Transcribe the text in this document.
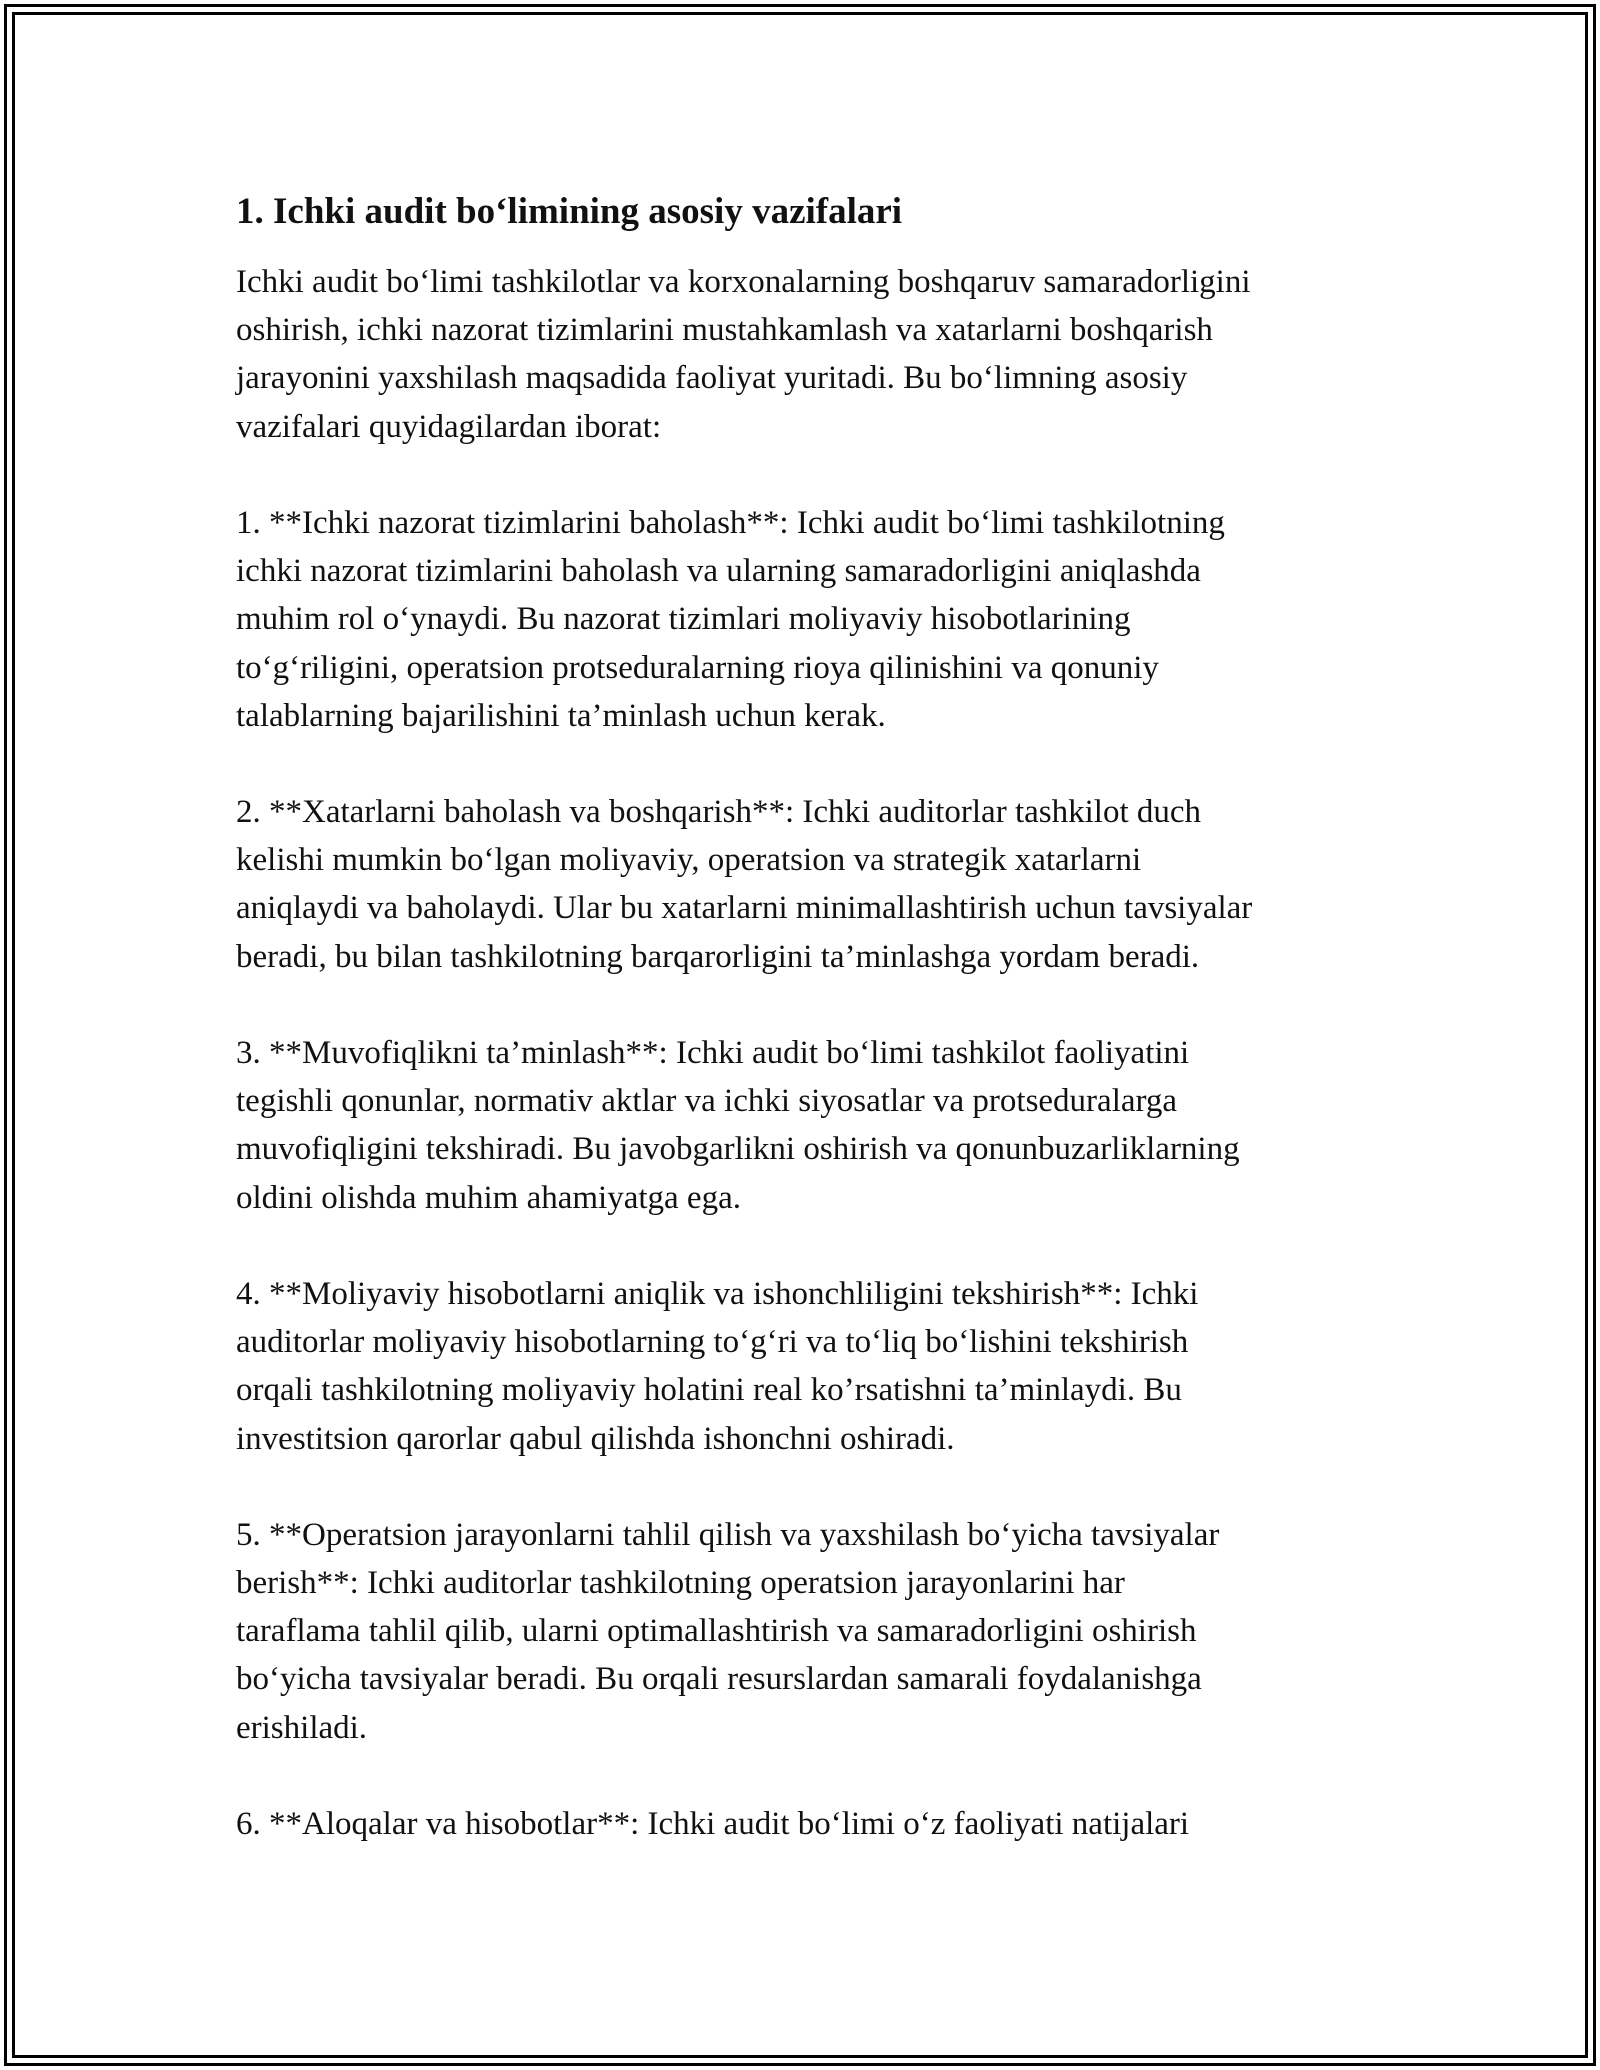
1. Ichki audit bo‘limining asosiy vazifalari
Ichki audit bo‘limi tashkilotlar va korxonalarning boshqaruv samaradorligini
oshirish, ichki nazorat tizimlarini mustahkamlash va xatarlarni boshqarish
jarayonini yaxshilash maqsadida faoliyat yuritadi. Bu bo‘limning asosiy
vazifalari quyidagilardan iborat:
1. **Ichki nazorat tizimlarini baholash**: Ichki audit bo‘limi tashkilotning
ichki nazorat tizimlarini baholash va ularning samaradorligini aniqlashda
muhim rol o‘ynaydi. Bu nazorat tizimlari moliyaviy hisobotlarining
to‘g‘riligini, operatsion protseduralarning rioya qilinishini va qonuniy
talablarning bajarilishini ta’minlash uchun kerak.
2. **Xatarlarni baholash va boshqarish**: Ichki auditorlar tashkilot duch
kelishi mumkin bo‘lgan moliyaviy, operatsion va strategik xatarlarni
aniqlaydi va baholaydi. Ular bu xatarlarni minimallashtirish uchun tavsiyalar
beradi, bu bilan tashkilotning barqarorligini ta’minlashga yordam beradi.
3. **Muvofiqlikni ta’minlash**: Ichki audit bo‘limi tashkilot faoliyatini
tegishli qonunlar, normativ aktlar va ichki siyosatlar va protseduralarga
muvofiqligini tekshiradi. Bu javobgarlikni oshirish va qonunbuzarliklarning
oldini olishda muhim ahamiyatga ega.
4. **Moliyaviy hisobotlarni aniqlik va ishonchliligini tekshirish**: Ichki
auditorlar moliyaviy hisobotlarning to‘g‘ri va to‘liq bo‘lishini tekshirish
orqali tashkilotning moliyaviy holatini real ko’rsatishni ta’minlaydi. Bu
investitsion qarorlar qabul qilishda ishonchni oshiradi.
5. **Operatsion jarayonlarni tahlil qilish va yaxshilash bo‘yicha tavsiyalar
berish**: Ichki auditorlar tashkilotning operatsion jarayonlarini har
taraflama tahlil qilib, ularni optimallashtirish va samaradorligini oshirish
bo‘yicha tavsiyalar beradi. Bu orqali resurslardan samarali foydalanishga
erishiladi.
6. **Aloqalar va hisobotlar**: Ichki audit bo‘limi o‘z faoliyati natijalari
